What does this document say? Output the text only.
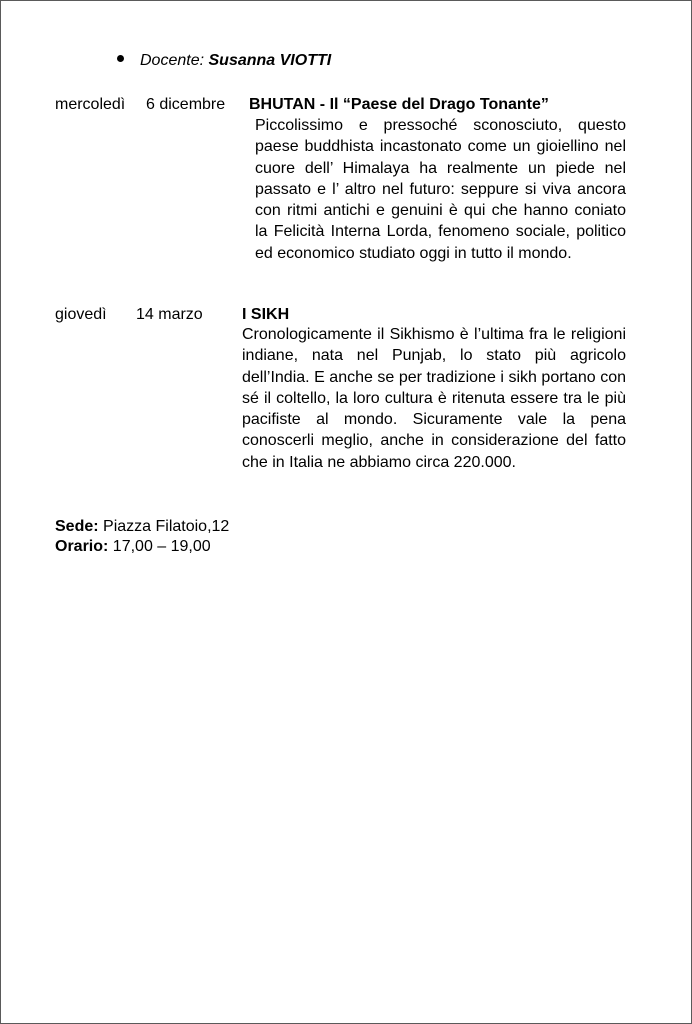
Docente: Susanna VIOTTI
mercoledì 6 dicembre BHUTAN - Il “Paese del Drago Tonante”
Piccolissimo e pressoché sconosciuto, questo paese buddhista incastonato come un gioiellino nel cuore dell’ Himalaya ha realmente un piede nel passato e l’ altro nel futuro: seppure si viva ancora con ritmi antichi e genuini è qui che hanno coniato la Felicità Interna Lorda, fenomeno sociale, politico ed economico studiato oggi in tutto il mondo.
giovedì 14 marzo I SIKH
Cronologicamente il Sikhismo è l’ultima fra le religioni indiane, nata nel Punjab, lo stato più agricolo dell’India. E anche se per tradizione i sikh portano con sé il coltello, la loro cultura è ritenuta essere tra le più pacifiste al mondo. Sicuramente vale la pena conoscerli meglio, anche in considerazione del fatto che in Italia ne abbiamo circa 220.000.
Sede: Piazza Filatoio,12
Orario: 17,00 – 19,00
